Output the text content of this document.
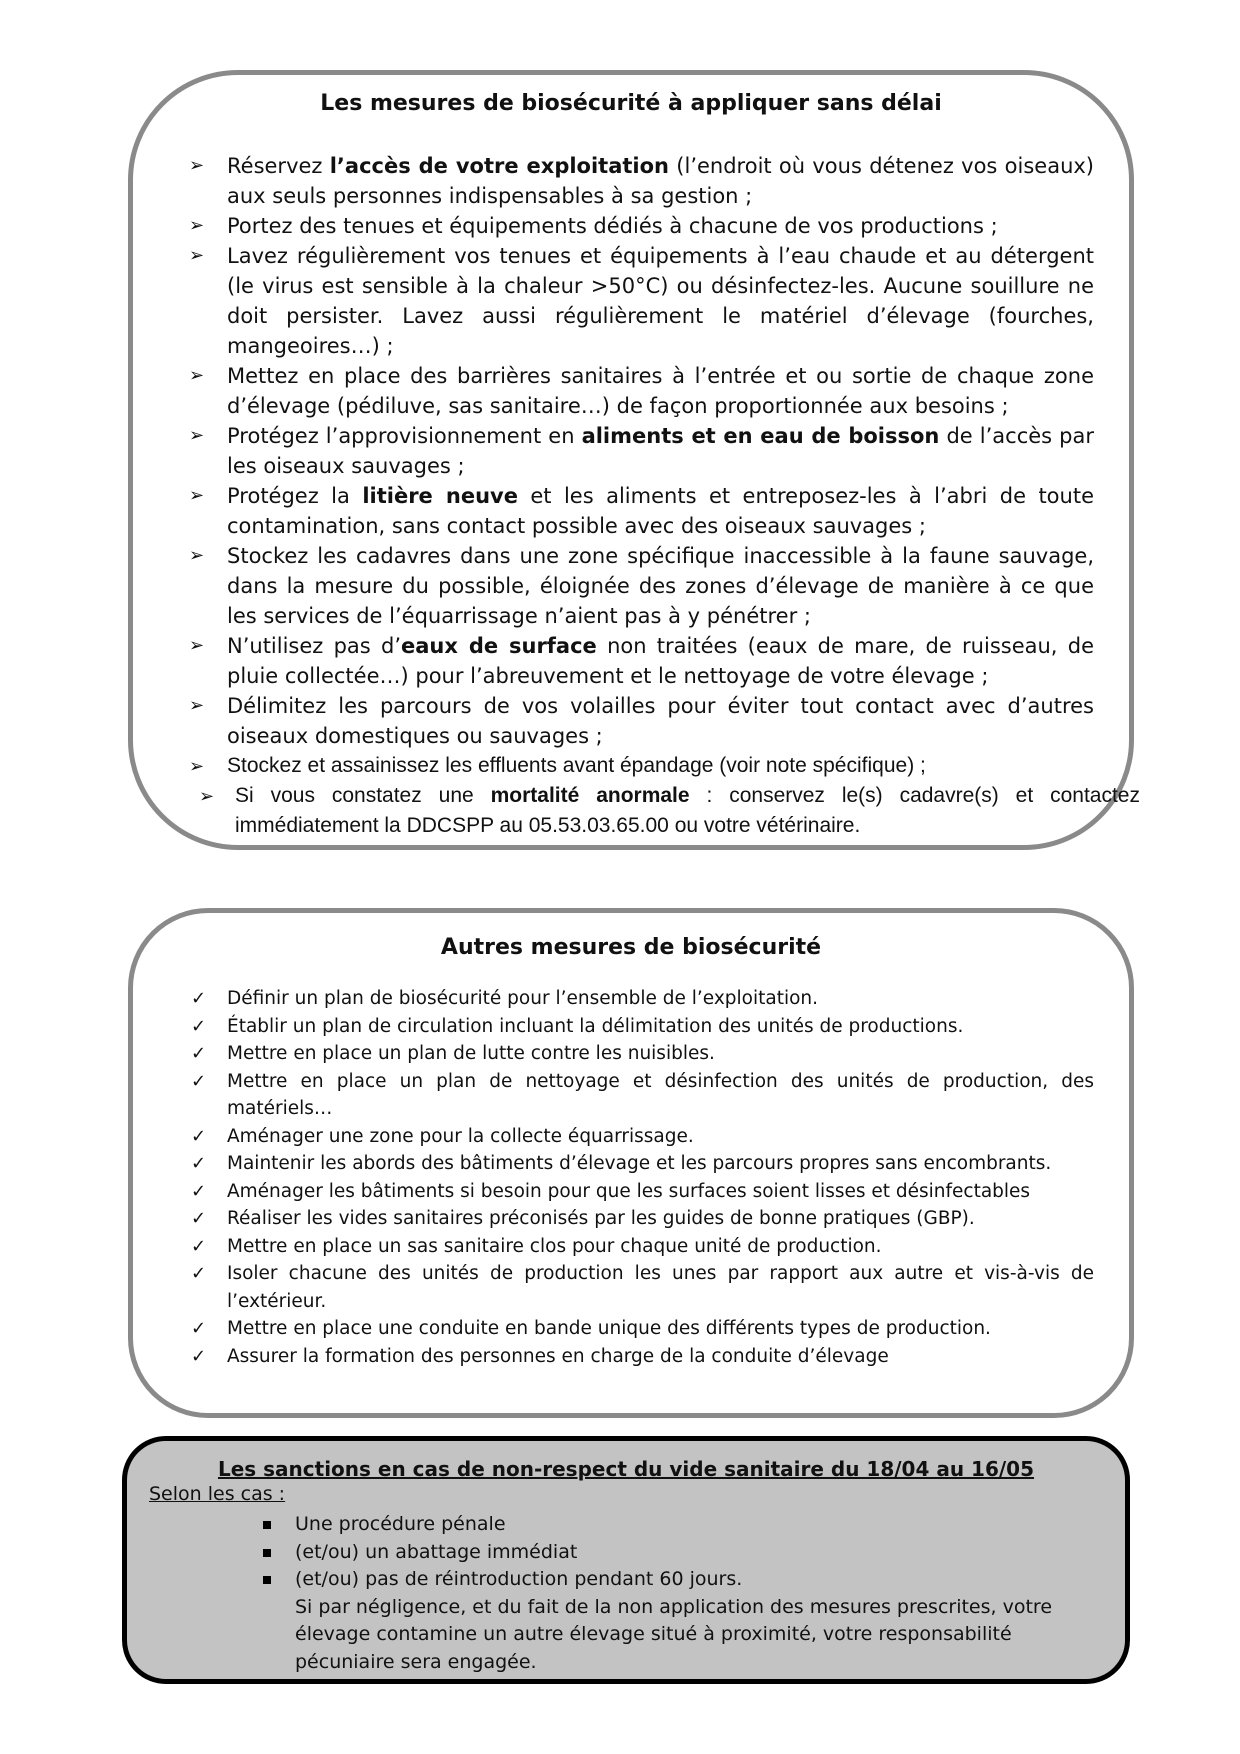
Les mesures de biosécurité à appliquer sans délai
➢ Réservez l’accès de votre exploitation (l’endroit où vous détenez vos oiseaux) aux seuls personnes indispensables à sa gestion ;
➢ Portez des tenues et équipements dédiés à chacune de vos productions ;
➢ Lavez régulièrement vos tenues et équipements à l’eau chaude et au détergent (le virus est sensible à la chaleur >50°C) ou désinfectez-les. Aucune souillure ne doit persister. Lavez aussi régulièrement le matériel d’élevage (fourches, mangeoires…) ;
➢ Mettez en place des barrières sanitaires à l’entrée et ou sortie de chaque zone d’élevage (pédiluve, sas sanitaire…) de façon proportionnée aux besoins ;
➢ Protégez l’approvisionnement en aliments et en eau de boisson de l’accès par les oiseaux sauvages ;
➢ Protégez la litière neuve et les aliments et entreposez-les à l’abri de toute contamination, sans contact possible avec des oiseaux sauvages ;
➢ Stockez les cadavres dans une zone spécifique inaccessible à la faune sauvage, dans la mesure du possible, éloignée des zones d’élevage de manière à ce que les services de l’équarrissage n’aient pas à y pénétrer ;
➢ N’utilisez pas d’eaux de surface non traitées (eaux de mare, de ruisseau, de pluie collectée…) pour l’abreuvement et le nettoyage de votre élevage ;
➢ Délimitez les parcours de vos volailles pour éviter tout contact avec d’autres oiseaux domestiques ou sauvages ;
➢ Stockez et assainissez les effluents avant épandage (voir note spécifique) ;
➢ Si vous constatez une mortalité anormale : conservez le(s) cadavre(s) et contactez immédiatement la DDCSPP au 05.53.03.65.00 ou votre vétérinaire.
Autres mesures de biosécurité
✓ Définir un plan de biosécurité pour l’ensemble de l’exploitation.
✓ Établir un plan de circulation incluant la délimitation des unités de productions.
✓ Mettre en place un plan de lutte contre les nuisibles.
✓ Mettre en place un plan de nettoyage et désinfection des unités de production, des matériels…
✓ Aménager une zone pour la collecte équarrissage.
✓ Maintenir les abords des bâtiments d’élevage et les parcours propres sans encombrants.
✓ Aménager les bâtiments si besoin pour que les surfaces soient lisses et désinfectables
✓ Réaliser les vides sanitaires préconisés par les guides de bonne pratiques (GBP).
✓ Mettre en place un sas sanitaire clos pour chaque unité de production.
✓ Isoler chacune des unités de production les unes par rapport aux autre et vis-à-vis de l’extérieur.
✓ Mettre en place une conduite en bande unique des différents types de production.
✓ Assurer la formation des personnes en charge de la conduite d’élevage
Les sanctions en cas de non-respect du vide sanitaire du 18/04 au 16/05

Selon les cas :

Une procédure pénale
(et/ou) un abattage immédiat
(et/ou) pas de réintroduction pendant 60 jours.
Si par négligence, et du fait de la non application des mesures prescrites, votre élevage contamine un autre élevage situé à proximité, votre responsabilité pécuniaire sera engagée.
